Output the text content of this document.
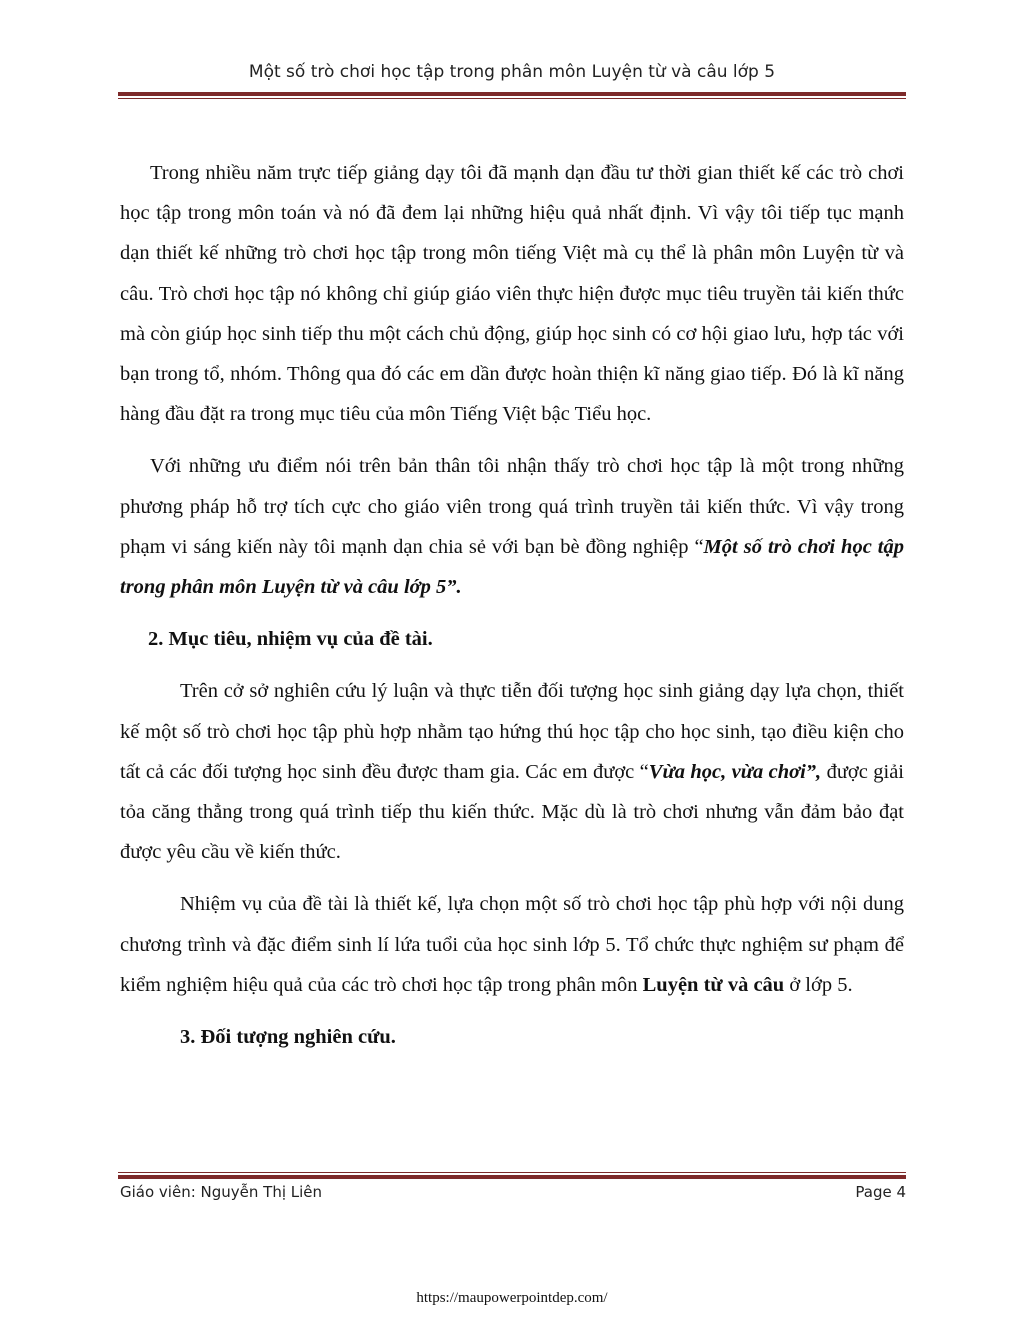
Một số trò chơi học tập trong phân môn Luyện từ và câu lớp 5

Trong nhiều năm trực tiếp giảng dạy tôi đã mạnh dạn đầu tư thời gian thiết kế các trò chơi học tập trong môn toán và nó đã đem lại những hiệu quả nhất định. Vì vậy tôi tiếp tục mạnh dạn thiết kế những trò chơi học tập trong môn tiếng Việt mà cụ thể là phân môn Luyện từ và câu. Trò chơi học tập nó không chỉ giúp giáo viên thực hiện được mục tiêu truyền tải kiến thức mà còn giúp học sinh tiếp thu một cách chủ động, giúp học sinh có cơ hội giao lưu, hợp tác với bạn trong tổ, nhóm. Thông qua đó các em dần được hoàn thiện kĩ năng giao tiếp. Đó là kĩ năng hàng đầu đặt ra trong mục tiêu của môn Tiếng Việt bậc Tiểu học.

Với những ưu điểm nói trên bản thân tôi nhận thấy trò chơi học tập là một trong những phương pháp hỗ trợ tích cực cho giáo viên trong quá trình truyền tải kiến thức. Vì vậy trong phạm vi sáng kiến này tôi mạnh dạn chia sẻ với bạn bè đồng nghiệp “Một số trò chơi học tập trong phân môn Luyện từ và câu lớp 5”.

2. Mục tiêu, nhiệm vụ của đề tài.

Trên cở sở nghiên cứu lý luận và thực tiễn đối tượng học sinh giảng dạy lựa chọn, thiết kế một số trò chơi học tập phù hợp nhằm tạo hứng thú học tập cho học sinh, tạo điều kiện cho tất cả các đối tượng học sinh đều được tham gia. Các em được “Vừa học, vừa chơi”, được giải tỏa căng thẳng trong quá trình tiếp thu kiến thức. Mặc dù là trò chơi nhưng vẫn đảm bảo đạt được yêu cầu về kiến thức.

Nhiệm vụ của đề tài là thiết kế, lựa chọn một số trò chơi học tập phù hợp với nội dung chương trình và đặc điểm sinh lí lứa tuổi của học sinh lớp 5. Tổ chức thực nghiệm sư phạm để kiểm nghiệm hiệu quả của các trò chơi học tập trong phân môn Luyện từ và câu ở lớp 5.

3. Đối tượng nghiên cứu.
Giáo viên: Nguyễn Thị Liên	Page 4
https://maupowerpointdep.com/
